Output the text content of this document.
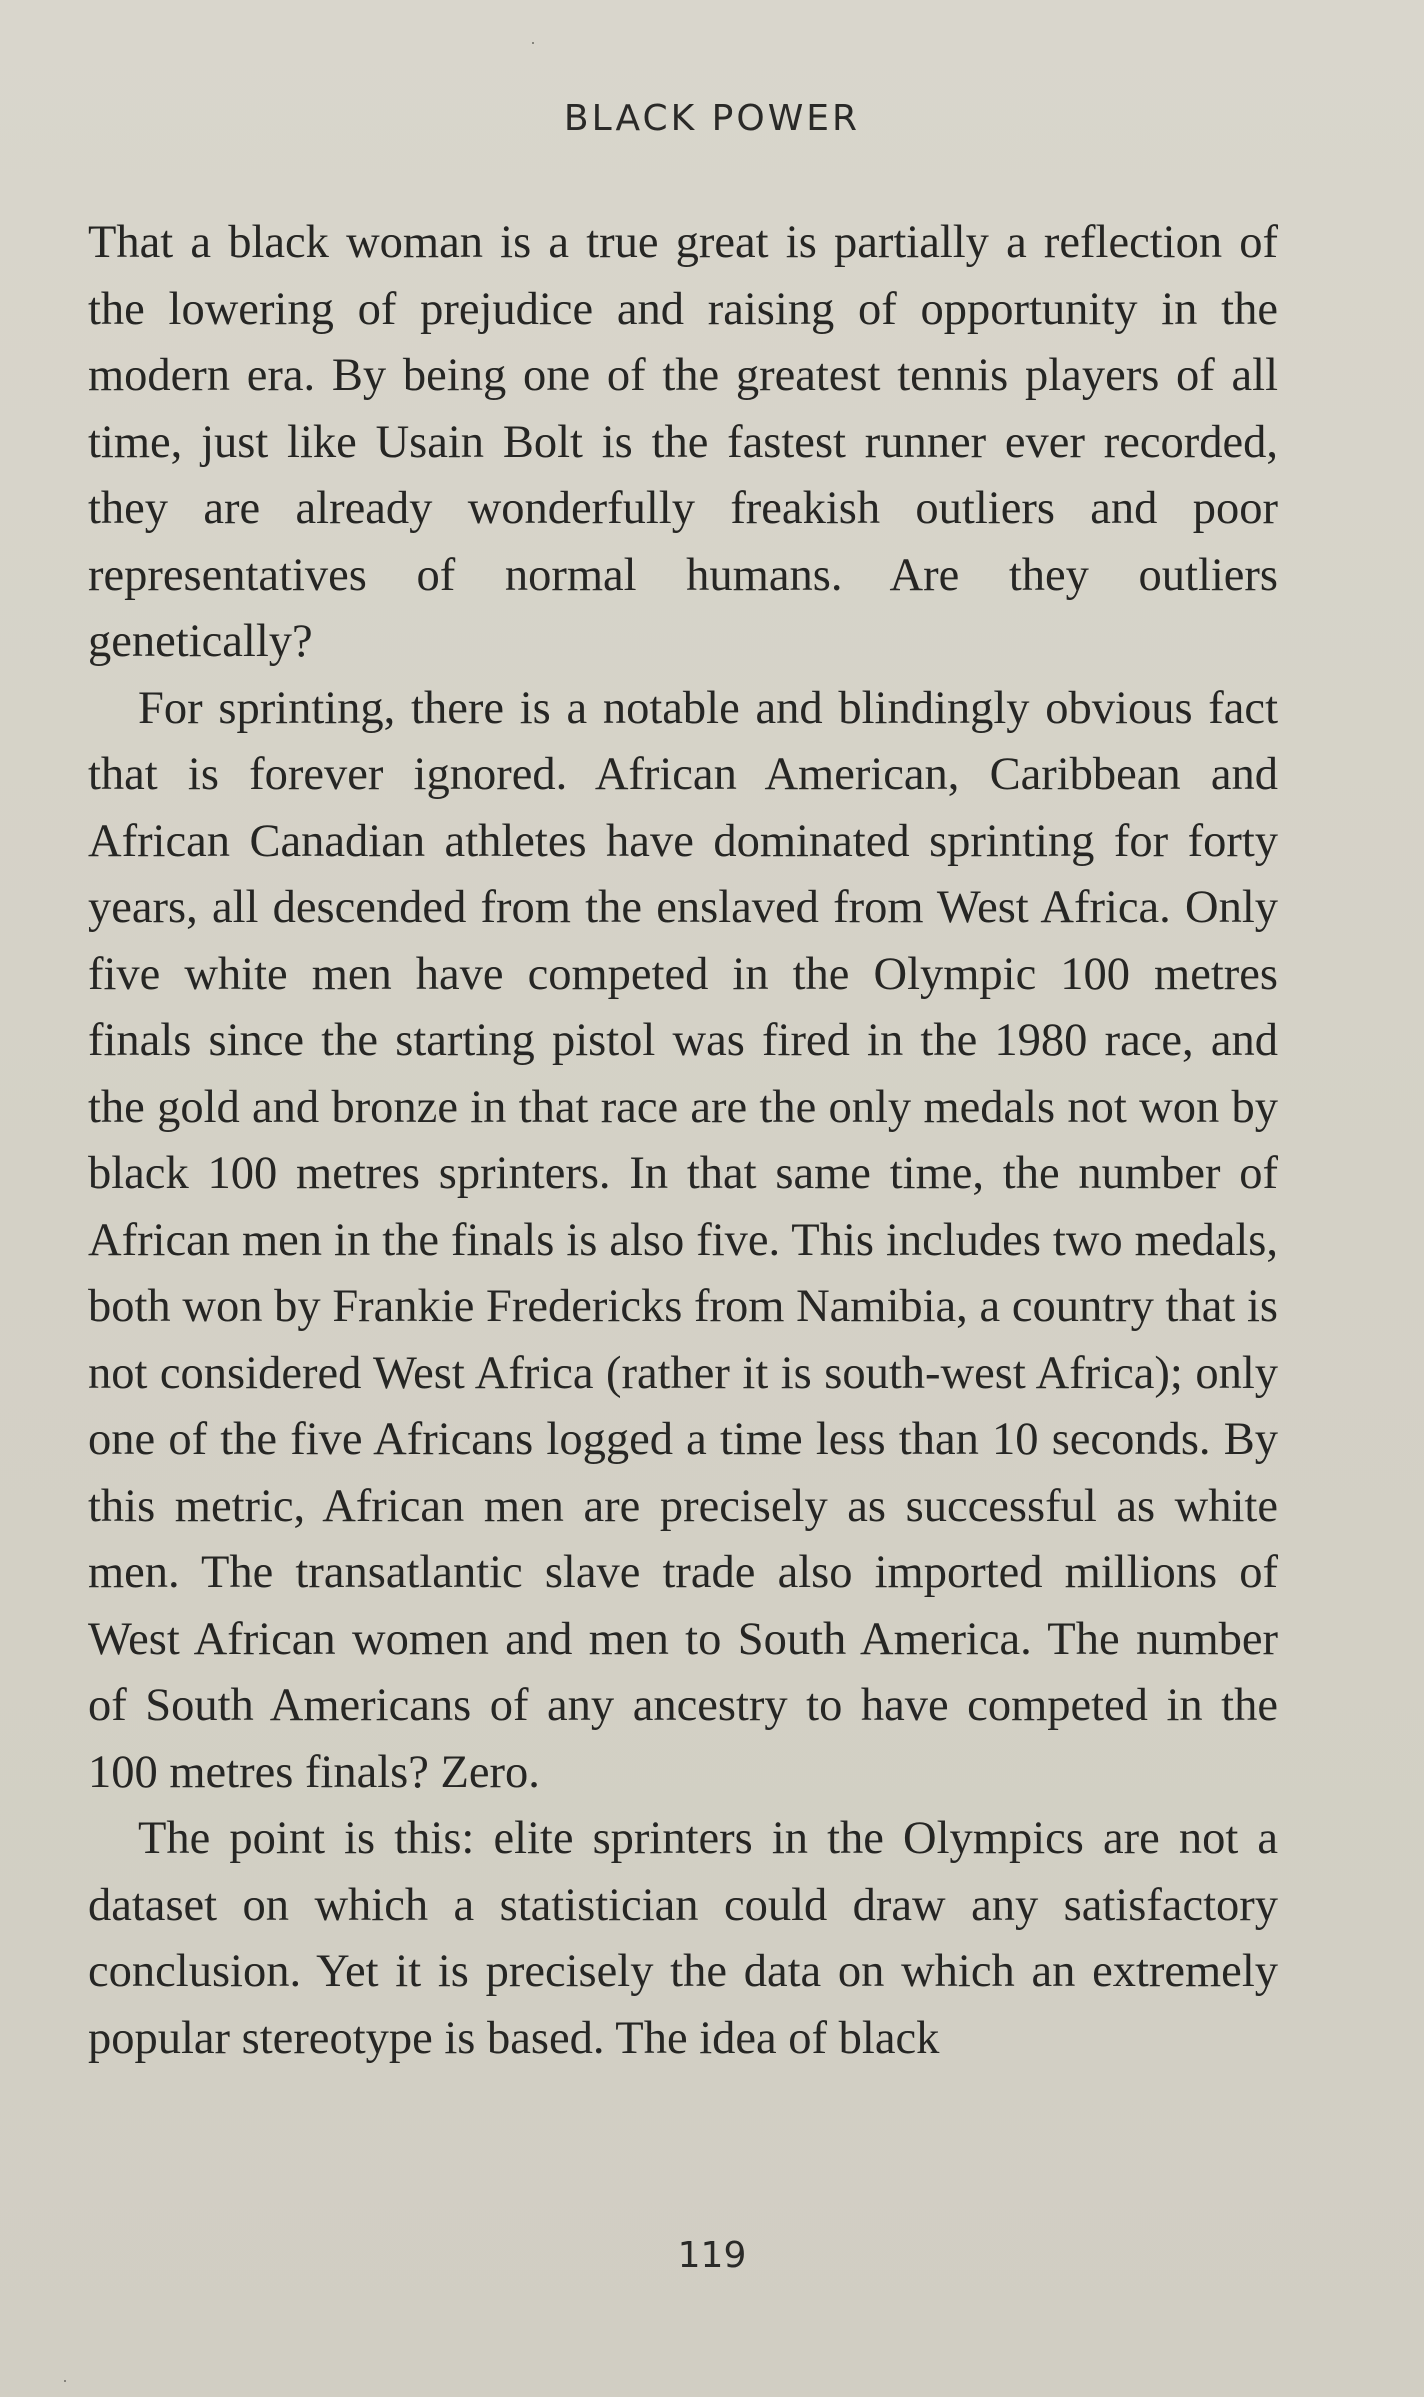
BLACK POWER

That a black woman is a true great is partially a reflection of the lowering of prejudice and raising of opportunity in the modern era. By being one of the greatest tennis players of all time, just like Usain Bolt is the fastest runner ever recorded, they are already wonderfully freakish outliers and poor representatives of normal humans. Are they outliers genetically?

For sprinting, there is a notable and blindingly obvious fact that is forever ignored. African American, Caribbean and African Canadian athletes have dominated sprinting for forty years, all descended from the enslaved from West Africa. Only five white men have competed in the Olympic 100 metres finals since the starting pistol was fired in the 1980 race, and the gold and bronze in that race are the only medals not won by black 100 metres sprinters. In that same time, the number of African men in the finals is also five. This includes two medals, both won by Frankie Fredericks from Namibia, a country that is not considered West Africa (rather it is south-west Africa); only one of the five Africans logged a time less than 10 seconds. By this metric, African men are precisely as successful as white men. The transatlantic slave trade also imported millions of West African women and men to South America. The number of South Americans of any ancestry to have competed in the 100 metres finals? Zero.

The point is this: elite sprinters in the Olympics are not a dataset on which a statistician could draw any satisfactory conclusion. Yet it is precisely the data on which an extremely popular stereotype is based. The idea of black

119
